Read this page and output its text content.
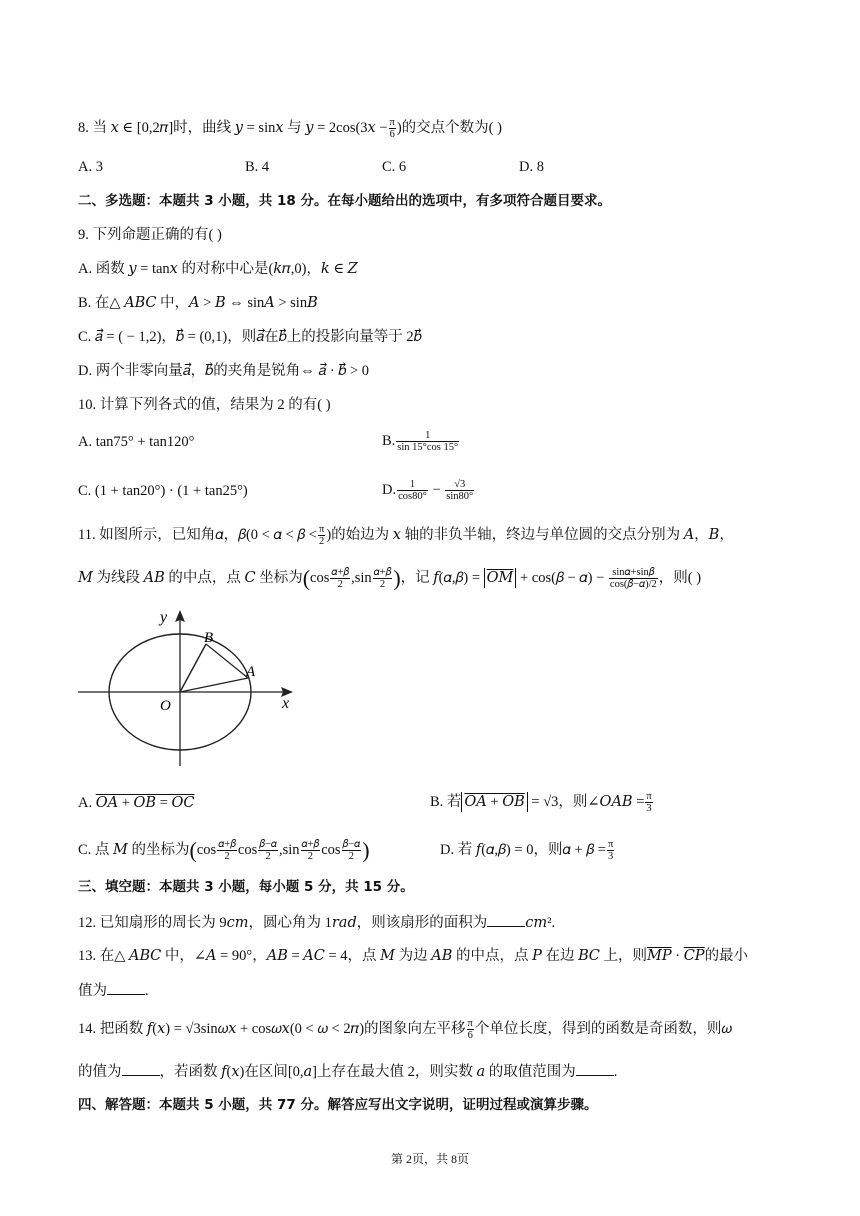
8. 当 𝑥 ∈ [0,2𝜋]时，曲线 𝑦 = sin𝑥 与 𝑦 = 2cos(3𝑥 − $\frac{\pi}{6}$ )的交点个数为( )
A. 3	B. 4	C. 6	D. 8
二、多选题：本题共 3 小题，共 18 分。在每小题给出的选项中，有多项符合题目要求。
9. 下列命题正确的有( )
A. 函数 𝑦 = tan𝑥 的对称中心是(𝑘𝜋,0)，𝑘 ∈ 𝑍
B. 在△ 𝐴𝐵𝐶 中，𝐴 > 𝐵 ⇔ sin𝐴 > sin𝐵
C. 𝑎⃗ = ( − 1,2)，𝑏⃗ = (0,1)，则𝑎⃗在𝑏⃗上的投影向量等于 2𝑏⃗
D. 两个非零向量𝑎⃗，𝑏⃗的夹角是锐角⇔ 𝑎⃗ · 𝑏⃗ > 0
10. 计算下列各式的值，结果为 2 的有( )
A. tan75° + tan120°	B. $\frac{1}{\sin 15^\circ\cos 15^\circ}$
C. (1 + tan20°) · (1 + tan25°)	D. $\frac{1}{\cos 80^\circ} - \frac{√3}{\sin 80^\circ}$
11. 如图所示，已知角𝛼，𝛽(0 < 𝛼 < 𝛽 < $\frac{\pi}{2}$ )的始边为 𝑥 轴的非负半轴，终边与单位圆的交点分别为 𝐴，𝐵，
𝑀 为线段 𝐴𝐵 的中点，点 𝐶 坐标为($\cos \frac{\text{𝛼+𝛽}}{2} ,\sin \frac{\text{𝛼+𝛽}}{2}$ )，记 𝑓(𝛼,𝛽) = 𝑂𝑀 + cos(𝛽 − 𝛼) − $\frac{\text{sin𝛼+sin𝛽}}{\text{cos(𝛽−𝛼)/2}}$ ，则( )
y
x
O
A
B
A. 𝑂𝐴 + 𝑂𝐵 = 𝑂𝐶	B. 若 𝑂𝐴 + 𝑂𝐵 = √3，则∠𝑂𝐴𝐵 = $\frac{\pi}{3}$
C. 点 𝑀 的坐标为($\cos \frac{\text{𝛼+𝛽}}{2}$ $\cos \frac{\text{𝛽−𝛼}}{2} ,\sin \frac{\text{𝛼+𝛽}}{2}$ $\cos \frac{\text{𝛽−𝛼}}{2}$ )	D. 若 𝑓(𝛼,𝛽) = 0，则𝛼 + 𝛽 = $\frac{\pi}{3}$
三、填空题：本题共 3 小题，每小题 5 分，共 15 分。
12. 已知扇形的周长为 9𝑐𝑚，圆心角为 1𝑟𝑎𝑑，则该扇形的面积为	𝑐𝑚².
13. 在△ 𝐴𝐵𝐶 中，∠𝐴 = 90°，𝐴𝐵 = 𝐴𝐶 = 4，点 𝑀 为边 𝐴𝐵 的中点，点 𝑃 在边 𝐵𝐶 上，则𝑀𝑃 · 𝐶𝑃的最小
值为	.
14. 把函数 𝑓(𝑥) = √3sin𝜔𝑥 + cos𝜔𝑥(0 < 𝜔 < 2𝜋)的图象向左平移 $\frac{\pi}{6}$ 个单位长度，得到的函数是奇函数，则𝜔
的值为	，若函数 𝑓(𝑥)在区间[0,𝑎]上存在最大值 2，则实数 𝑎 的取值范围为	.
四、解答题：本题共 5 小题，共 77 分。解答应写出文字说明，证明过程或演算步骤。
第 2页，共 8页
